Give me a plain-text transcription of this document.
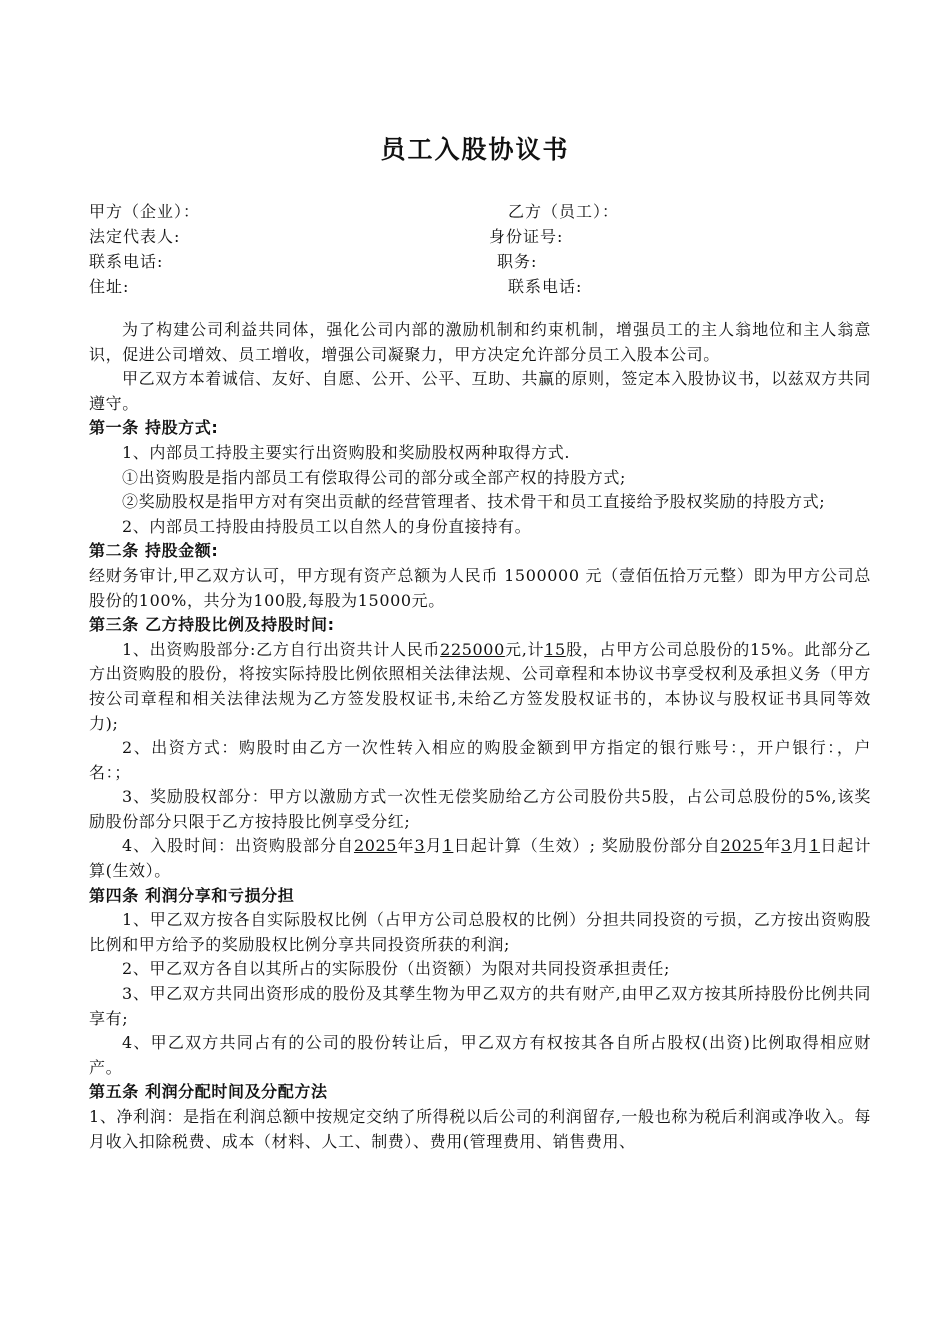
员工入股协议书
甲方（企业）：	乙方（员工）：
法定代表人:	身份证号:
联系电话:	职务:
住址:	联系电话:

为了构建公司利益共同体，强化公司内部的激励机制和约束机制，增强员工的主人翁地位和主人翁意识，促进公司增效、员工增收，增强公司凝聚力，甲方决定允许部分员工入股本公司。

甲乙双方本着诚信、友好、自愿、公开、公平、互助、共赢的原则，签定本入股协议书，以兹双方共同遵守。

第一条 持股方式:

1、内部员工持股主要实行出资购股和奖励股权两种取得方式.

①出资购股是指内部员工有偿取得公司的部分或全部产权的持股方式;

②奖励股权是指甲方对有突出贡献的经营管理者、技术骨干和员工直接给予股权奖励的持股方式;

2、内部员工持股由持股员工以自然人的身份直接持有。

第二条 持股金额:

经财务审计,甲乙双方认可，甲方现有资产总额为人民币 1500000 元（壹佰伍拾万元整）即为甲方公司总股份的100%，共分为100股,每股为15000元。

第三条 乙方持股比例及持股时间:

1、出资购股部分:乙方自行出资共计人民币225000元,计15股，占甲方公司总股份的15%。此部分乙方出资购股的股份，将按实际持股比例依照相关法律法规、公司章程和本协议书享受权利及承担义务（甲方按公司章程和相关法律法规为乙方签发股权证书,未给乙方签发股权证书的，本协议与股权证书具同等效力);

2、出资方式：购股时由乙方一次性转入相应的购股金额到甲方指定的银行账号：，开户银行：，户名：；

3、奖励股权部分：甲方以激励方式一次性无偿奖励给乙方公司股份共5股，占公司总股份的5%,该奖励股份部分只限于乙方按持股比例享受分红;

4、入股时间：出资购股部分自2025年3月1日起计算（生效）; 奖励股份部分自2025年3月1日起计算(生效）。

第四条 利润分享和亏损分担

1、甲乙双方按各自实际股权比例（占甲方公司总股权的比例）分担共同投资的亏损，乙方按出资购股比例和甲方给予的奖励股权比例分享共同投资所获的利润;

2、甲乙双方各自以其所占的实际股份（出资额）为限对共同投资承担责任;

3、甲乙双方共同出资形成的股份及其孳生物为甲乙双方的共有财产,由甲乙双方按其所持股份比例共同享有;

4、甲乙双方共同占有的公司的股份转让后，甲乙双方有权按其各自所占股权(出资)比例取得相应财产。

第五条 利润分配时间及分配方法

1、净利润：是指在利润总额中按规定交纳了所得税以后公司的利润留存,一般也称为税后利润或净收入。每月收入扣除税费、成本（材料、人工、制费）、费用(管理费用、销售费用、
